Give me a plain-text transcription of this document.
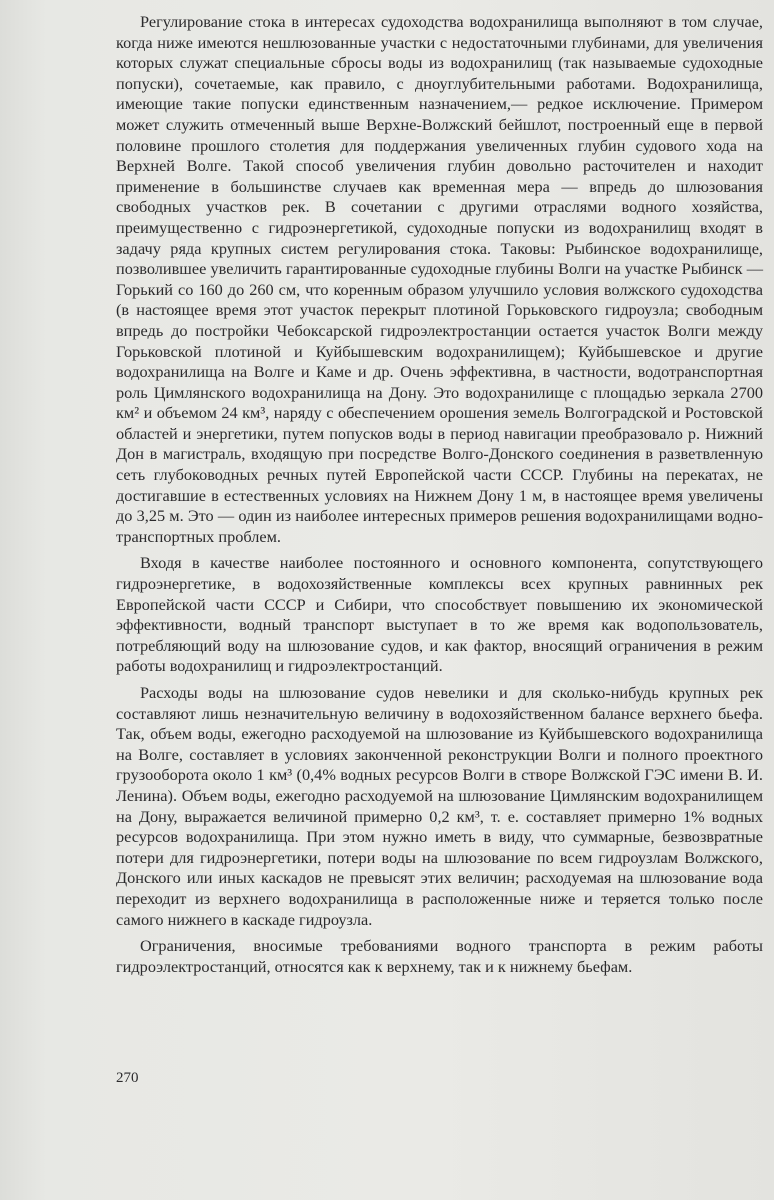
Регулирование стока в интересах судоходства водохранилища выполняют в том случае, когда ниже имеются нешлюзованные участки с недостаточными глубинами, для увеличения которых служат специальные сбросы воды из водохранилищ (так называемые судоходные попуски), сочетаемые, как правило, с дноуглубительными работами. Водохранилища, имеющие такие попуски единственным назначением,— редкое исключение. Примером может служить отмеченный выше Верхне-Волжский бейшлот, построенный еще в первой половине прошлого столетия для поддержания увеличенных глубин судового хода на Верхней Волге. Такой способ увеличения глубин довольно расточителен и находит применение в большинстве случаев как временная мера — впредь до шлюзования свободных участков рек. В сочетании с другими отраслями водного хозяйства, преимущественно с гидроэнергетикой, судоходные попуски из водохранилищ входят в задачу ряда крупных систем регулирования стока. Таковы: Рыбинское водохранилище, позволившее увеличить гарантированные судоходные глубины Волги на участке Рыбинск — Горький со 160 до 260 см, что коренным образом улучшило условия волжского судоходства (в настоящее время этот участок перекрыт плотиной Горьковского гидроузла; свободным впредь до постройки Чебоксарской гидроэлектростанции остается участок Волги между Горьковской плотиной и Куйбышевским водохранилищем); Куйбышевское и другие водохранилища на Волге и Каме и др. Очень эффективна, в частности, водотранспортная роль Цимлянского водохранилища на Дону. Это водохранилище с площадью зеркала 2700 км² и объемом 24 км³, наряду с обеспечением орошения земель Волгоградской и Ростовской областей и энергетики, путем попусков воды в период навигации преобразовало р. Нижний Дон в магистраль, входящую при посредстве Волго-Донского соединения в разветвленную сеть глубоководных речных путей Европейской части СССР. Глубины на перекатах, не достигавшие в естественных условиях на Нижнем Дону 1 м, в настоящее время увеличены до 3,25 м. Это — один из наиболее интересных примеров решения водохранилищами водно-транспортных проблем.

Входя в качестве наиболее постоянного и основного компонента, сопутствующего гидроэнергетике, в водохозяйственные комплексы всех крупных равнинных рек Европейской части СССР и Сибири, что способствует повышению их экономической эффективности, водный транспорт выступает в то же время как водопользователь, потребляющий воду на шлюзование судов, и как фактор, вносящий ограничения в режим работы водохранилищ и гидроэлектростанций.

Расходы воды на шлюзование судов невелики и для сколько-нибудь крупных рек составляют лишь незначительную величину в водохозяйственном балансе верхнего бьефа. Так, объем воды, ежегодно расходуемой на шлюзование из Куйбышевского водохранилища на Волге, составляет в условиях законченной реконструкции Волги и полного проектного грузооборота около 1 км³ (0,4% водных ресурсов Волги в створе Волжской ГЭС имени В. И. Ленина). Объем воды, ежегодно расходуемой на шлюзование Цимлянским водохранилищем на Дону, выражается величиной примерно 0,2 км³, т. е. составляет примерно 1% водных ресурсов водохранилища. При этом нужно иметь в виду, что суммарные, безвозвратные потери для гидроэнергетики, потери воды на шлюзование по всем гидроузлам Волжского, Донского или иных каскадов не превысят этих величин; расходуемая на шлюзование вода переходит из верхнего водохранилища в расположенные ниже и теряется только после самого нижнего в каскаде гидроузла.

Ограничения, вносимые требованиями водного транспорта в режим работы гидроэлектростанций, относятся как к верхнему, так и к нижнему бьефам.

270
